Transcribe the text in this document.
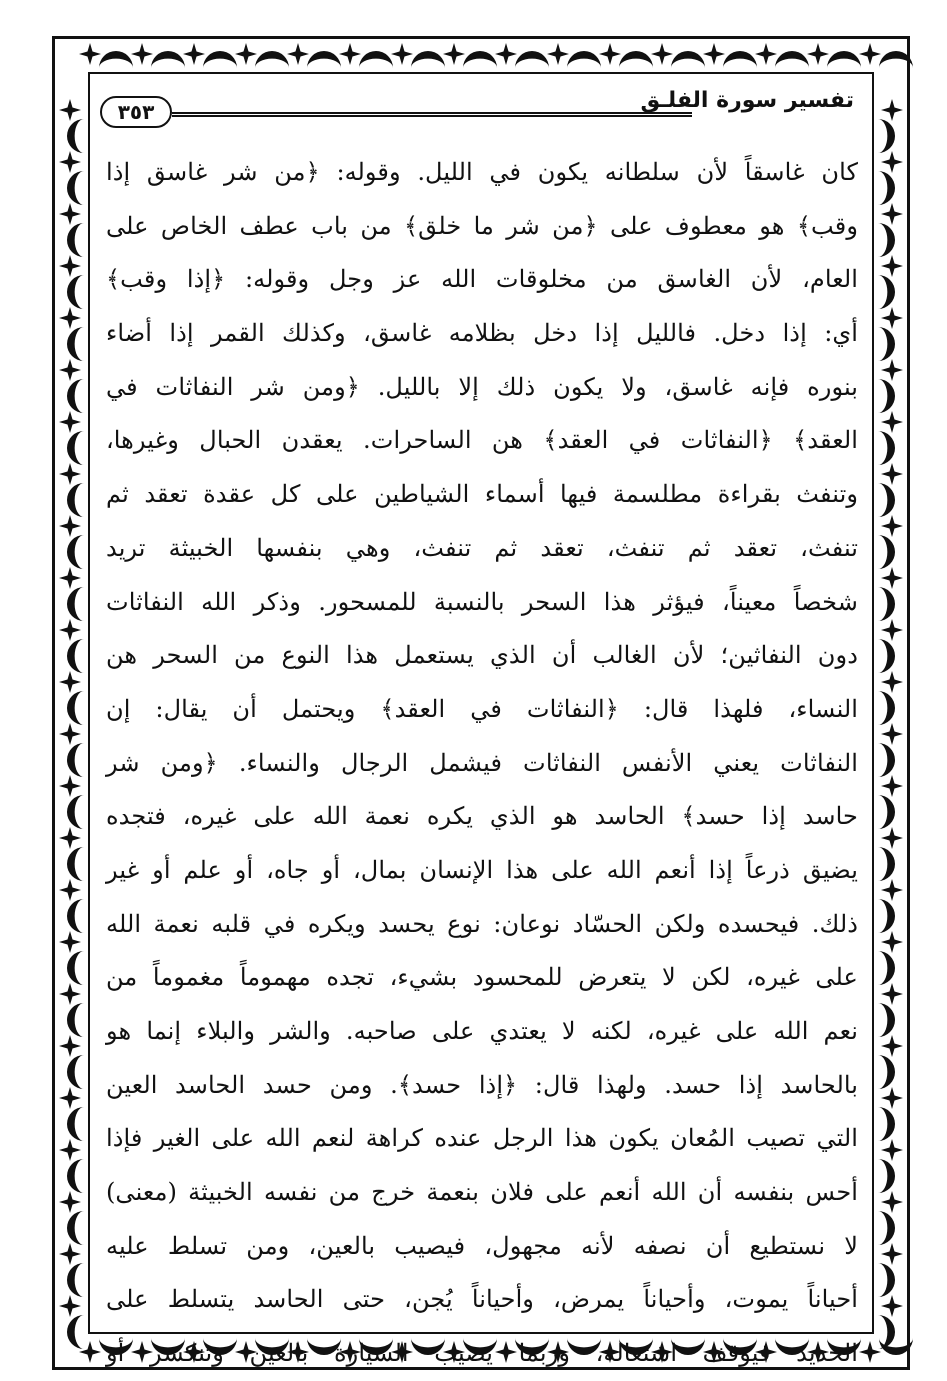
٣٥٣	تفسير سورة الفلـق
كان غاسقاً لأن سلطانه يكون في الليل. وقوله: ﴿من شر غاسق إذا
وقب﴾ هو معطوف على ﴿من شر ما خلق﴾ من باب عطف الخاص على
العام، لأن الغاسق من مخلوقات الله عز وجل وقوله: ﴿إذا وقب﴾
أي: إذا دخل. فالليل إذا دخل بظلامه غاسق، وكذلك القمر إذا أضاء
بنوره فإنه غاسق، ولا يكون ذلك إلا بالليل. ﴿ومن شر النفاثات في
العقد﴾ ﴿النفاثات في العقد﴾ هن الساحرات. يعقدن الحبال وغيرها،
وتنفث بقراءة مطلسمة فيها أسماء الشياطين على كل عقدة تعقد ثم
تنفث، تعقد ثم تنفث، تعقد ثم تنفث، وهي بنفسها الخبيثة تريد
شخصاً معيناً، فيؤثر هذا السحر بالنسبة للمسحور. وذكر الله النفاثات
دون النفاثين؛ لأن الغالب أن الذي يستعمل هذا النوع من السحر هن
النساء، فلهذا قال: ﴿النفاثات في العقد﴾ ويحتمل أن يقال: إن
النفاثات يعني الأنفس النفاثات فيشمل الرجال والنساء. ﴿ومن شر
حاسد إذا حسد﴾ الحاسد هو الذي يكره نعمة الله على غيره، فتجده
يضيق ذرعاً إذا أنعم الله على هذا الإنسان بمال، أو جاه، أو علم أو غير
ذلك. فيحسده ولكن الحسّاد نوعان: نوع يحسد ويكره في قلبه نعمة الله
على غيره، لكن لا يتعرض للمحسود بشيء، تجده مهموماً مغموماً من
نعم الله على غيره، لكنه لا يعتدي على صاحبه. والشر والبلاء إنما هو
بالحاسد إذا حسد. ولهذا قال: ﴿إذا حسد﴾. ومن حسد الحاسد العين
التي تصيب المُعان يكون هذا الرجل عنده كراهة لنعم الله على الغير فإذا
أحس بنفسه أن الله أنعم على فلان بنعمة خرج من نفسه الخبيثة (معنى)
لا نستطيع أن نصفه لأنه مجهول، فيصيب بالعين، ومن تسلط عليه
أحياناً يموت، وأحياناً يمرض، وأحياناً يُجن، حتى الحاسد يتسلط على
الحديد فيوقف اشتغاله، وربما يصيب السيارة بالعين وتنكسر أو
